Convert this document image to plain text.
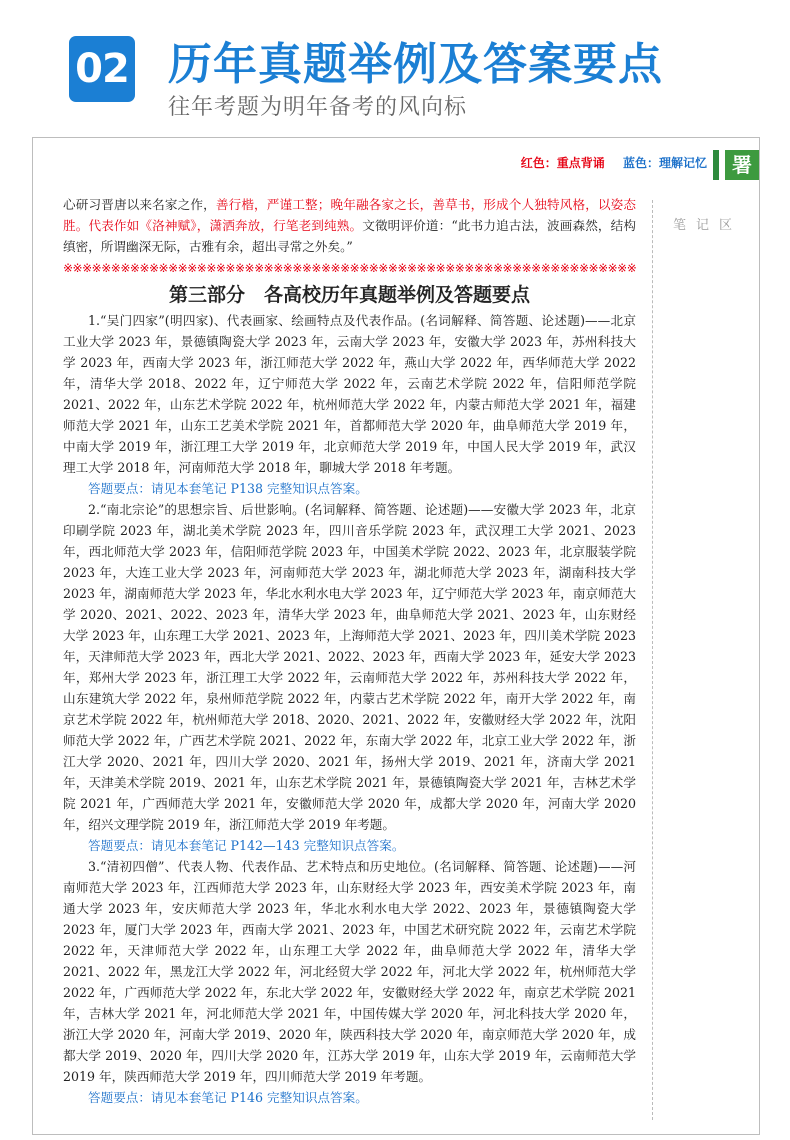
02 历年真题举例及答案要点
往年考题为明年备考的风向标
红色：重点背诵 蓝色：理解记忆	署
笔记区

心研习晋唐以来名家之作，善行楷，严谨工整；晚年融各家之长，善草书，形成个人独特风格，以姿态胜。代表作如《洛神赋》，潇洒奔放，行笔老到纯熟。文徵明评价道：“此书力追古法，波画森然，结构缜密，所谓幽深无际，古雅有余，超出寻常之外矣。”

※※※※※※※※※※※※※※※※※※※※※※※※※※※※※※※※※※※※※※※※※※※※※※※※※※※※※※※※※※※※
第三部分　各高校历年真题举例及答题要点

1.“吴门四家”(明四家)、代表画家、绘画特点及代表作品。(名词解释、简答题、论述题)——北京工业大学 2023 年，景德镇陶瓷大学 2023 年，云南大学 2023 年，安徽大学 2023 年，苏州科技大学 2023 年，西南大学 2023 年，浙江师范大学 2022 年，燕山大学 2022 年，西华师范大学 2022 年，清华大学 2018、2022 年，辽宁师范大学 2022 年，云南艺术学院 2022 年，信阳师范学院 2021、2022 年，山东艺术学院 2022 年，杭州师范大学 2022 年，内蒙古师范大学 2021 年，福建师范大学 2021 年，山东工艺美术学院 2021 年，首都师范大学 2020 年，曲阜师范大学 2019 年，中南大学 2019 年，浙江理工大学 2019 年，北京师范大学 2019 年，中国人民大学 2019 年，武汉理工大学 2018 年，河南师范大学 2018 年，聊城大学 2018 年考题。

答题要点：请见本套笔记 P138 完整知识点答案。

2.“南北宗论”的思想宗旨、后世影响。(名词解释、简答题、论述题)——安徽大学 2023 年，北京印刷学院 2023 年，湖北美术学院 2023 年，四川音乐学院 2023 年，武汉理工大学 2021、2023 年，西北师范大学 2023 年，信阳师范学院 2023 年，中国美术学院 2022、2023 年，北京服装学院 2023 年，大连工业大学 2023 年，河南师范大学 2023 年，湖北师范大学 2023 年，湖南科技大学 2023 年，湖南师范大学 2023 年，华北水利水电大学 2023 年，辽宁师范大学 2023 年，南京师范大学 2020、2021、2022、2023 年，清华大学 2023 年，曲阜师范大学 2021、2023 年，山东财经大学 2023 年，山东理工大学 2021、2023 年，上海师范大学 2021、2023 年，四川美术学院 2023 年，天津师范大学 2023 年，西北大学 2021、2022、2023 年，西南大学 2023 年，延安大学 2023 年，郑州大学 2023 年，浙江理工大学 2022 年，云南师范大学 2022 年，苏州科技大学 2022 年，山东建筑大学 2022 年，泉州师范学院 2022 年，内蒙古艺术学院 2022 年，南开大学 2022 年，南京艺术学院 2022 年，杭州师范大学 2018、2020、2021、2022 年，安徽财经大学 2022 年，沈阳师范大学 2022 年，广西艺术学院 2021、2022 年，东南大学 2022 年，北京工业大学 2022 年，浙江大学 2020、2021 年，四川大学 2020、2021 年，扬州大学 2019、2021 年，济南大学 2021 年，天津美术学院 2019、2021 年，山东艺术学院 2021 年，景德镇陶瓷大学 2021 年，吉林艺术学院 2021 年，广西师范大学 2021 年，安徽师范大学 2020 年，成都大学 2020 年，河南大学 2020 年，绍兴文理学院 2019 年，浙江师范大学 2019 年考题。

答题要点：请见本套笔记 P142—143 完整知识点答案。

3.“清初四僧”、代表人物、代表作品、艺术特点和历史地位。(名词解释、简答题、论述题)——河南师范大学 2023 年，江西师范大学 2023 年，山东财经大学 2023 年，西安美术学院 2023 年，南通大学 2023 年，安庆师范大学 2023 年，华北水利水电大学 2022、2023 年，景德镇陶瓷大学 2023 年，厦门大学 2023 年，西南大学 2021、2023 年，中国艺术研究院 2022 年，云南艺术学院 2022 年，天津师范大学 2022 年，山东理工大学 2022 年，曲阜师范大学 2022 年，清华大学 2021、2022 年，黑龙江大学 2022 年，河北经贸大学 2022 年，河北大学 2022 年，杭州师范大学 2022 年，广西师范大学 2022 年，东北大学 2022 年，安徽财经大学 2022 年，南京艺术学院 2021 年，吉林大学 2021 年，河北师范大学 2021 年，中国传媒大学 2020 年，河北科技大学 2020 年，浙江大学 2020 年，河南大学 2019、2020 年，陕西科技大学 2020 年，南京师范大学 2020 年，成都大学 2019、2020 年，四川大学 2020 年，江苏大学 2019 年，山东大学 2019 年，云南师范大学 2019 年，陕西师范大学 2019 年，四川师范大学 2019 年考题。

答题要点：请见本套笔记 P146 完整知识点答案。
